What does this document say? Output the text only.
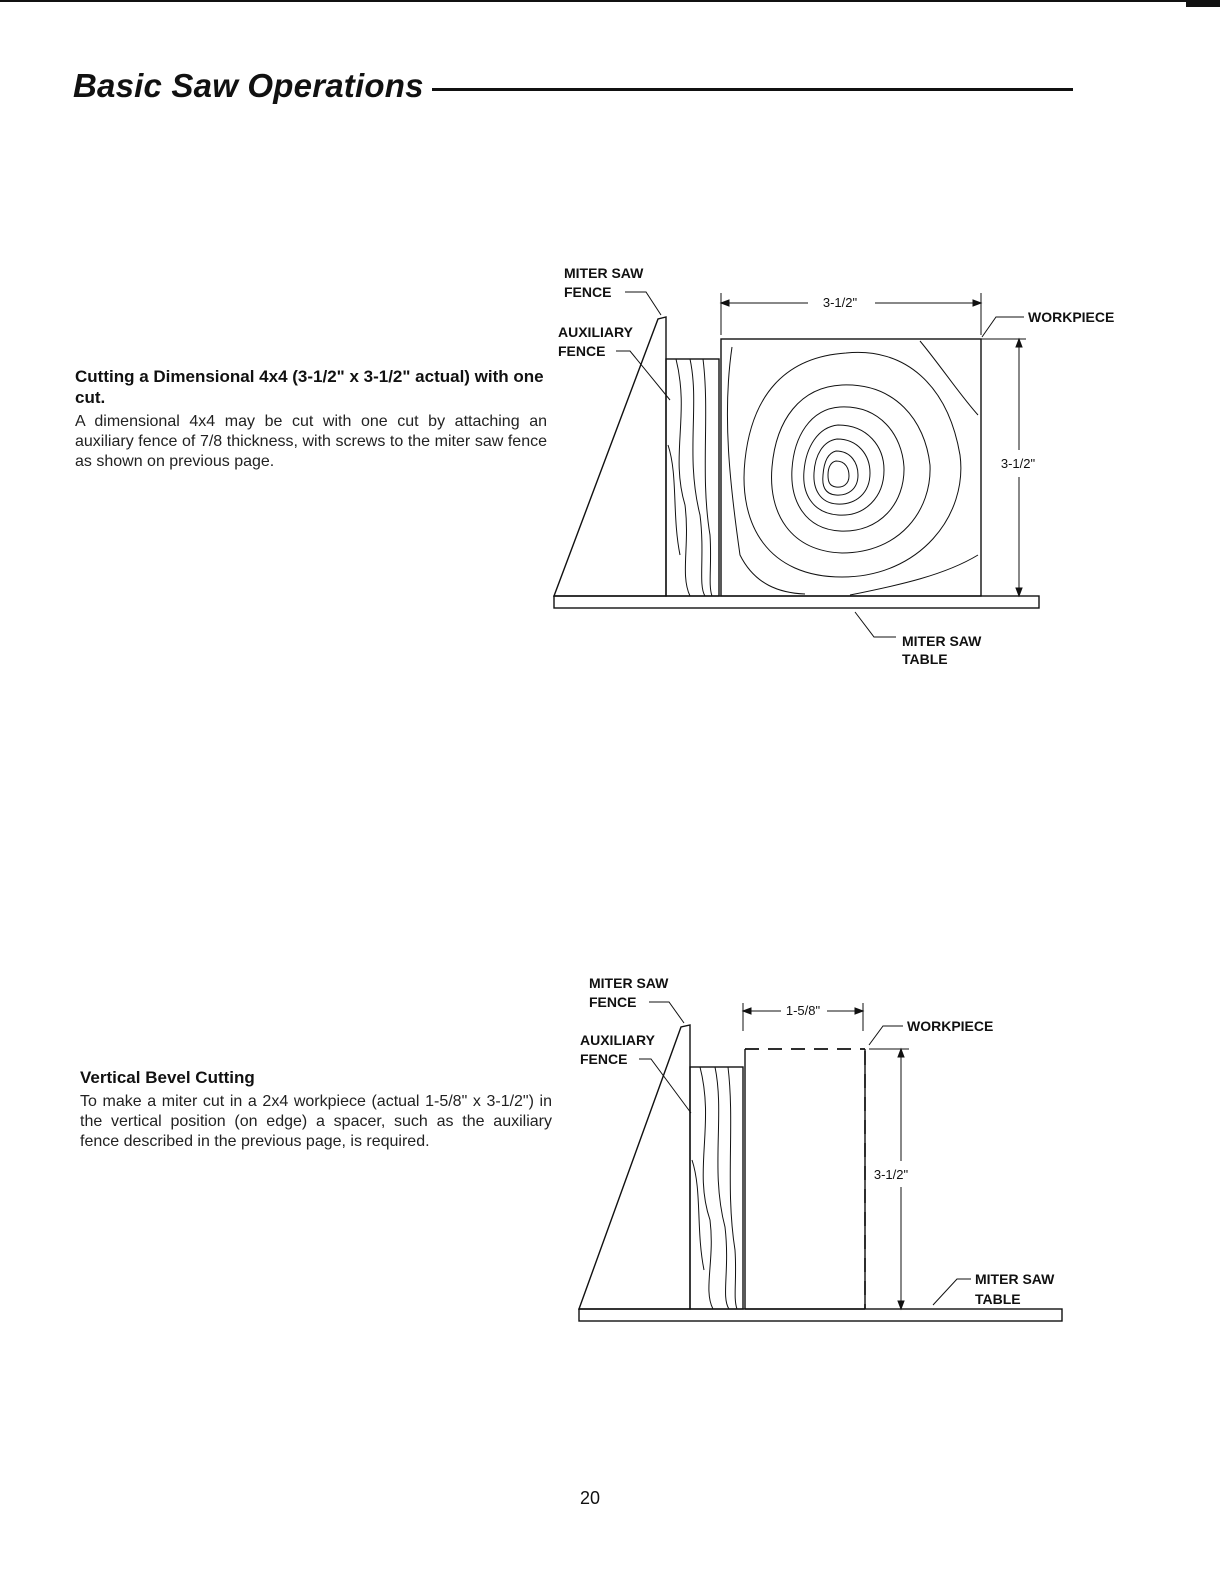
Basic Saw Operations
Cutting a Dimensional 4x4 (3-1/2" x 3-1/2" actual) with one cut.

A dimensional 4x4 may be cut with one cut by attaching an auxiliary fence of 7/8 thickness, with screws to the miter saw fence as shown on previous page.

3-1/2"
3-1/2"
MITER SAW
FENCE
AUXILIARY
FENCE
WORKPIECE
MITER SAW
TABLE
Vertical Bevel Cutting

To make a miter cut in a 2x4 workpiece (actual 1-5/8" x 3-1/2") in the vertical position (on edge) a spacer, such as the auxiliary fence described in the previous page, is required.

1-5/8"
3-1/2"
MITER SAW
FENCE
AUXILIARY
FENCE
WORKPIECE
MITER SAW
TABLE
20
